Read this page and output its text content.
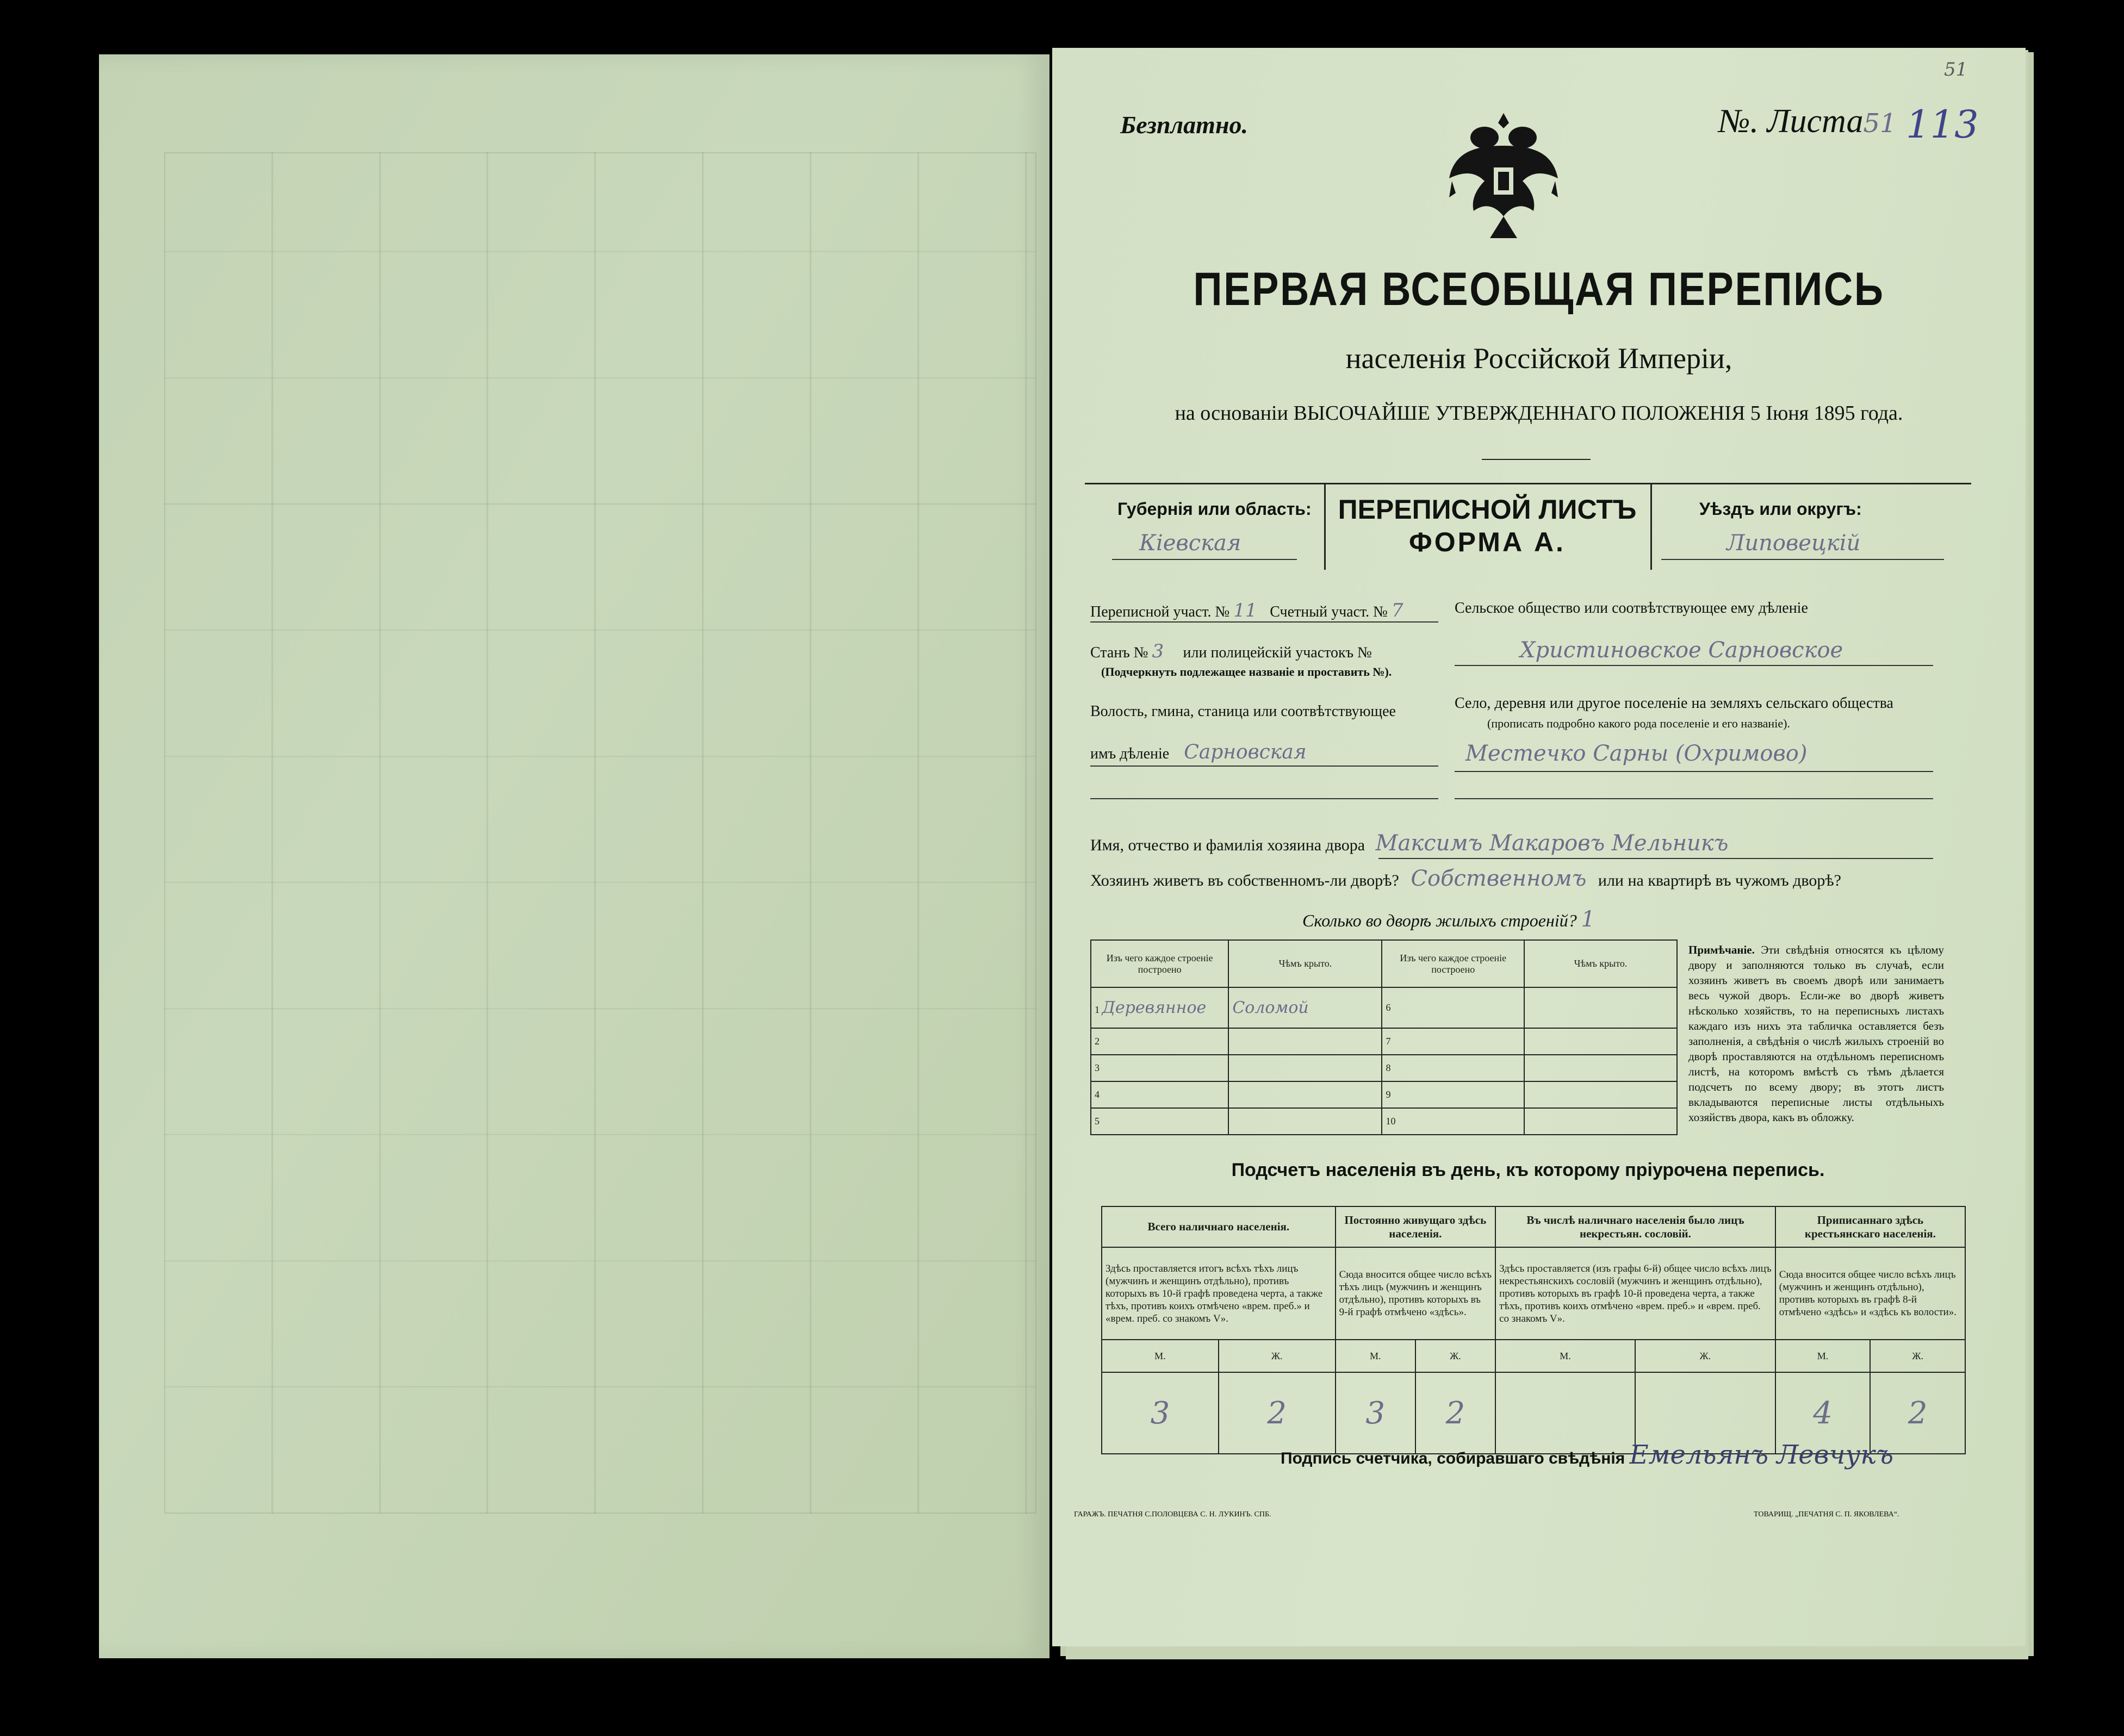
Безплатно.	№. Листа51 113
51
ПЕРВАЯ ВСЕОБЩАЯ ПЕРЕПИСЬ
населенія Россійской Имперіи,
на основаніи ВЫСОЧАЙШЕ УТВЕРЖДЕННАГО ПОЛОЖЕНІЯ 5 Іюня 1895 года.
Губернія или область:
Кіевская
ПЕРЕПИСНОЙ ЛИСТЪ
ФОРМА А.
Уѣздъ или округъ:
Липовецкій
Переписной участ. № 11 Счетный участ. № 7
Станъ № 3 или полицейскій участокъ №
(Подчеркнуть подлежащее названіе и проставить №).
Волость, гмина, станица или соотвѣтствующее
имъ дѣленіе Сарновская
Сельское общество или соотвѣтствующее ему дѣленіе
Христиновское Сарновское
Село, деревня или другое поселеніе на земляхъ сельскаго общества
(прописать подробно какого рода поселеніе и его названіе).
Местечко Сарны (Охримово)
Имя, отчество и фамилія хозяина двора Максимъ Макаровъ Мельникъ
Хозяинъ живетъ въ собственномъ-ли дворѣ? Собственномъ или на квартирѣ въ чужомъ дворѣ?
Сколько во дворѣ жилыхъ строеній? 1
Изъ чего каждое строеніе построено	Чѣмъ крыто.	Изъ чего каждое строеніе построено	Чѣмъ крыто.
1 Деревянное	Соломой	6	
2		7	
3		8	
4		9	
5		10	
Примѣчаніе. Эти свѣдѣнія относятся къ цѣлому двору и заполняются только въ случаѣ, если хозяинъ живетъ въ своемъ дворѣ или занимаетъ весь чужой дворъ. Если-же во дворѣ живетъ нѣсколько хозяйствъ, то на переписныхъ листахъ каждаго изъ нихъ эта табличка оставляется безъ заполненія, а свѣдѣнія о числѣ жилыхъ строеній во дворѣ проставляются на отдѣльномъ переписномъ листѣ, на которомъ вмѣстѣ съ тѣмъ дѣлается подсчетъ по всему двору; въ этотъ листъ вкладываются переписные листы отдѣльныхъ хозяйствъ двора, какъ въ обложку.
Подсчетъ населенія въ день, къ которому пріурочена перепись.
Всего наличнаго населенія.		Постоянно живущаго здѣсь населенія.		Въ числѣ наличнаго населенія было лицъ некрестьян. сословій.		Приписаннаго здѣсь крестьянскаго населенія.	
Здѣсь проставляется итогъ всѣхъ тѣхъ лицъ (мужчинъ и женщинъ отдѣльно), противъ которыхъ въ 10-й графѣ проведена черта, а также тѣхъ, противъ коихъ отмѣчено «врем. преб.» и «врем. преб. со знакомъ V».		Сюда вносится общее число всѣхъ тѣхъ лицъ (мужчинъ и женщинъ отдѣльно), противъ которыхъ въ 9-й графѣ отмѣчено «здѣсь».		Здѣсь проставляется (изъ графы 6-й) общее число всѣхъ лицъ некрестьянскихъ сословій (мужчинъ и женщинъ отдѣльно), противъ которыхъ въ графѣ 10-й проведена черта, а также тѣхъ, противъ коихъ отмѣчено «врем. преб.» и «врем. преб. со знакомъ V».		Сюда вносится общее число всѣхъ лицъ (мужчинъ и женщинъ отдѣльно), противъ которыхъ въ графѣ 8-й отмѣчено «здѣсь» и «здѣсь къ волости».	
М.	Ж.	М.	Ж.	М.	Ж.	М.	Ж.
3	2	3	2			4	2
Подпись счетчика, собиравшаго свѣдѣнія Емельянъ Левчукъ
ГАРАЖЪ. ПЕЧАТНЯ С.ПОЛОВЦЕВА С. Н. ЛУКИНЪ. СПБ.	ТОВАРИЩ. „ПЕЧАТНЯ С. П. ЯКОВЛЕВА“.
